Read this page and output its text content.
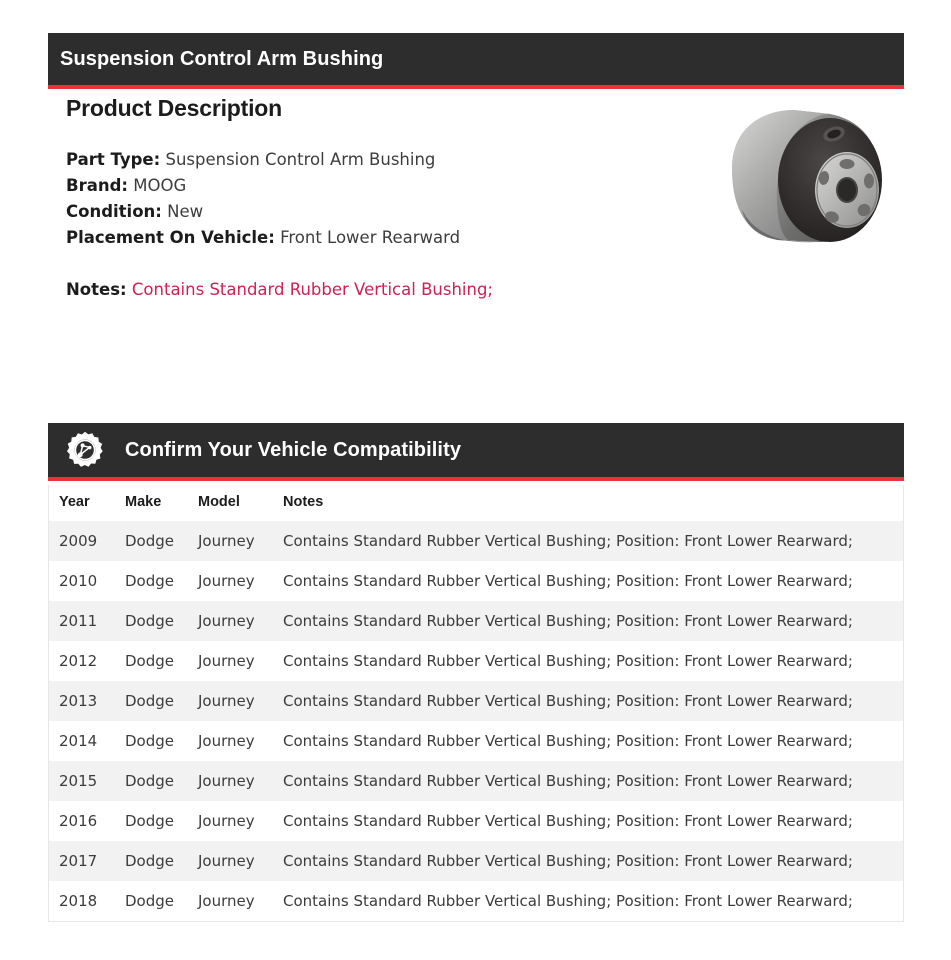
Suspension Control Arm Bushing
Product Description
Part Type: Suspension Control Arm Bushing
Brand: MOOG
Condition: New
Placement On Vehicle: Front Lower Rearward
Notes: Contains Standard Rubber Vertical Bushing;
Confirm Your Vehicle Compatibility
Year	Make	Model	Notes
2009	Dodge	Journey	Contains Standard Rubber Vertical Bushing; Position: Front Lower Rearward;
2010	Dodge	Journey	Contains Standard Rubber Vertical Bushing; Position: Front Lower Rearward;
2011	Dodge	Journey	Contains Standard Rubber Vertical Bushing; Position: Front Lower Rearward;
2012	Dodge	Journey	Contains Standard Rubber Vertical Bushing; Position: Front Lower Rearward;
2013	Dodge	Journey	Contains Standard Rubber Vertical Bushing; Position: Front Lower Rearward;
2014	Dodge	Journey	Contains Standard Rubber Vertical Bushing; Position: Front Lower Rearward;
2015	Dodge	Journey	Contains Standard Rubber Vertical Bushing; Position: Front Lower Rearward;
2016	Dodge	Journey	Contains Standard Rubber Vertical Bushing; Position: Front Lower Rearward;
2017	Dodge	Journey	Contains Standard Rubber Vertical Bushing; Position: Front Lower Rearward;
2018	Dodge	Journey	Contains Standard Rubber Vertical Bushing; Position: Front Lower Rearward;
